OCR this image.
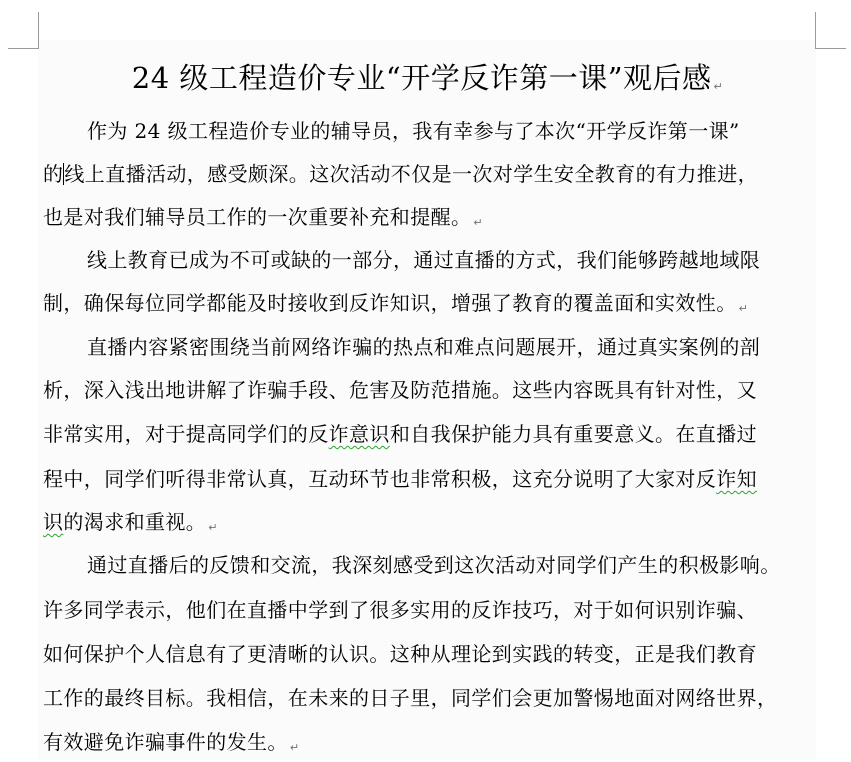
24 级工程造价专业“开学反诈第一课”观后感 ↵
作为 24 级工程造价专业的辅导员，我有幸参与了本次“开学反诈第一课”
的线上直播活动，感受颇深。这次活动不仅是一次对学生安全教育的有力推进，
也是对我们辅导员工作的一次重要补充和提醒。 ↵
线上教育已成为不可或缺的一部分，通过直播的方式，我们能够跨越地域限
制，确保每位同学都能及时接收到反诈知识，增强了教育的覆盖面和实效性。 ↵
直播内容紧密围绕当前网络诈骗的热点和难点问题展开，通过真实案例的剖
析，深入浅出地讲解了诈骗手段、危害及防范措施。这些内容既具有针对性，又
非常实用，对于提高同学们的反诈意识和自我保护能力具有重要意义。在直播过
程中，同学们听得非常认真，互动环节也非常积极，这充分说明了大家对反诈知
识的渴求和重视。 ↵
通过直播后的反馈和交流，我深刻感受到这次活动对同学们产生的积极影响。
许多同学表示，他们在直播中学到了很多实用的反诈技巧，对于如何识别诈骗、
如何保护个人信息有了更清晰的认识。这种从理论到实践的转变，正是我们教育
工作的最终目标。我相信，在未来的日子里，同学们会更加警惕地面对网络世界，
有效避免诈骗事件的发生。 ↵
